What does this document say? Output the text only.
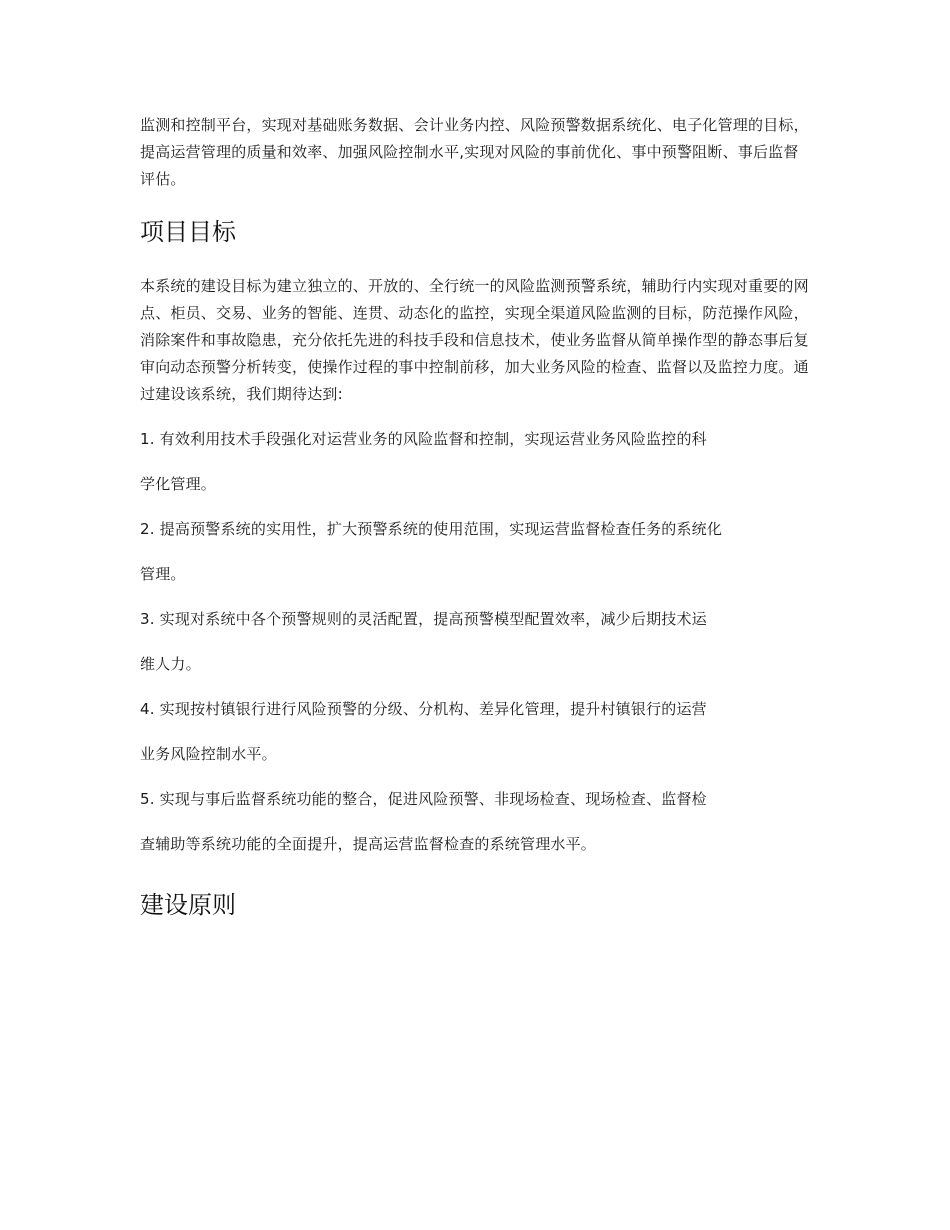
监测和控制平台，实现对基础账务数据、会计业务内控、风险预警数据系统化、电子化管理的目标，提高运营管理的质量和效率、加强风险控制水平,实现对风险的事前优化、事中预警阻断、事后监督评估。

项目目标

本系统的建设目标为建立独立的、开放的、全行统一的风险监测预警系统，辅助行内实现对重要的网点、柜员、交易、业务的智能、连贯、动态化的监控，实现全渠道风险监测的目标，防范操作风险，消除案件和事故隐患，充分依托先进的科技手段和信息技术，使业务监督从简单操作型的静态事后复审向动态预警分析转变，使操作过程的事中控制前移，加大业务风险的检查、监督以及监控力度。通过建设该系统，我们期待达到:

1. 有效利用技术手段强化对运营业务的风险监督和控制，实现运营业务风险监控的科

学化管理。

2. 提高预警系统的实用性，扩大预警系统的使用范围，实现运营监督检查任务的系统化

管理。

3. 实现对系统中各个预警规则的灵活配置，提高预警模型配置效率，减少后期技术运

维人力。

4. 实现按村镇银行进行风险预警的分级、分机构、差异化管理，提升村镇银行的运营

业务风险控制水平。

5. 实现与事后监督系统功能的整合，促进风险预警、非现场检查、现场检查、监督检

查辅助等系统功能的全面提升，提高运营监督检查的系统管理水平。

建设原则
